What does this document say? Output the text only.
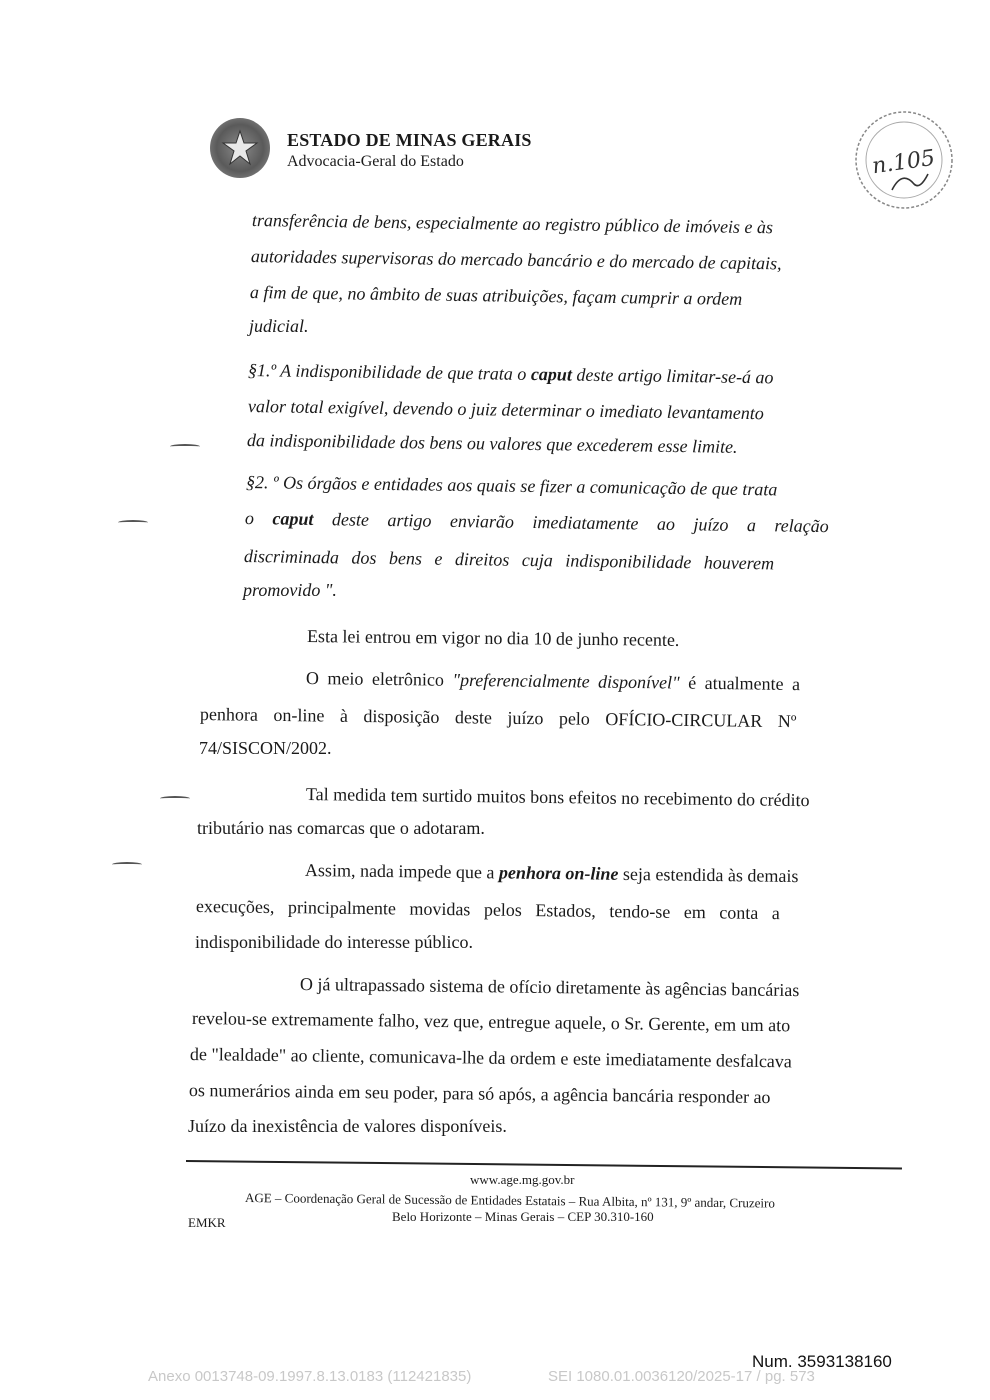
ESTADO DE MINAS GERAIS
Advocacia-Geral do Estado	n.105
transferência de bens, especialmente ao registro público de imóveis e às
autoridades supervisoras do mercado bancário e do mercado de capitais,
a fim de que, no âmbito de suas atribuições, façam cumprir a ordem
judicial.
§1.º A indisponibilidade de que trata o caput deste artigo limitar-se-á ao
valor total exigível, devendo o juiz determinar o imediato levantamento
da indisponibilidade dos bens ou valores que excederem esse limite.
§2. º Os órgãos e entidades aos quais se fizer a comunicação de que trata
o caput deste artigo enviarão imediatamente ao juízo a relação
discriminada dos bens e direitos cuja indisponibilidade houverem
promovido ".
Esta lei entrou em vigor no dia 10 de junho recente.
O meio eletrônico "preferencialmente disponível" é atualmente a
penhora on-line à disposição deste juízo pelo OFÍCIO-CIRCULAR Nº
74/SISCON/2002.
Tal medida tem surtido muitos bons efeitos no recebimento do crédito
tributário nas comarcas que o adotaram.
Assim, nada impede que a penhora on-line seja estendida às demais
execuções, principalmente movidas pelos Estados, tendo-se em conta a
indisponibilidade do interesse público.
O já ultrapassado sistema de ofício diretamente às agências bancárias
revelou-se extremamente falho, vez que, entregue aquele, o Sr. Gerente, em um ato
de "lealdade" ao cliente, comunicava-lhe da ordem e este imediatamente desfalcava
os numerários ainda em seu poder, para só após, a agência bancária responder ao
Juízo da inexistência de valores disponíveis.
www.age.mg.gov.br
AGE – Coordenação Geral de Sucessão de Entidades Estatais – Rua Albita, nº 131, 9º andar, Cruzeiro
Belo Horizonte – Minas Gerais – CEP 30.310-160
EMKR
Num. 3593138160
Anexo 0013748-09.1997.8.13.0183 (112421835)	SEI 1080.01.0036120/2025-17 / pg. 573
